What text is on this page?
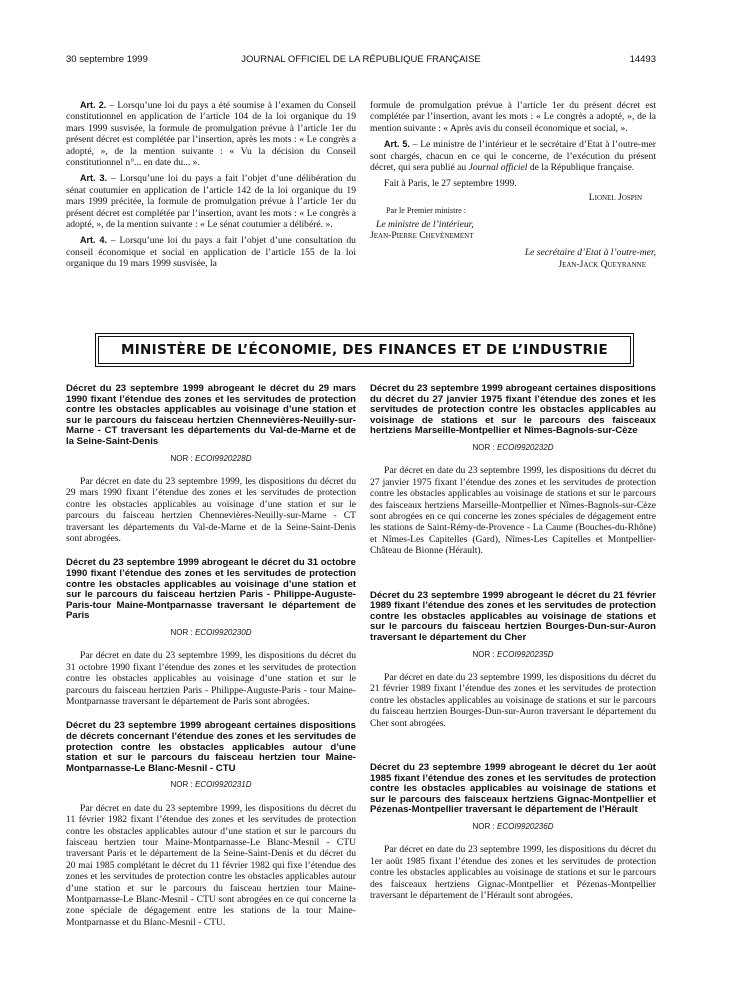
30 septembre 1999	JOURNAL OFFICIEL DE LA RÉPUBLIQUE FRANÇAISE	14493

Art. 2. – Lorsqu’une loi du pays a été soumise à l’examen du Conseil constitutionnel en application de l’article 104 de la loi organique du 19 mars 1999 susvisée, la formule de promulgation prévue à l’article 1er du présent décret est complétée par l’insertion, après les mots : « Le congrès a adopté, », de la mention suivante : « Vu la décision du Conseil constitutionnel n°... en date du... ».

Art. 3. – Lorsqu’une loi du pays a fait l’objet d’une délibération du sénat coutumier en application de l’article 142 de la loi organique du 19 mars 1999 précitée, la formule de promulgation prévue à l’article 1er du présent décret est complétée par l’insertion, avant les mots : « Le congrès a adopté, », de la mention suivante : « Le sénat coutumier a délibéré. ».

Art. 4. – Lorsqu’une loi du pays a fait l’objet d’une consultation du conseil économique et social en application de l’article 155 de la loi organique du 19 mars 1999 susvisée, la

formule de promulgation prévue à l’article 1er du présent décret est complétée par l’insertion, avant les mots : « Le congrès a adopté, », de la mention suivante : « Après avis du conseil économique et social, ».

Art. 5. – Le ministre de l’intérieur et le secrétaire d’Etat à l’outre-mer sont chargés, chacun en ce qui le concerne, de l’exécution du présent décret, qui sera publié au Journal officiel de la République française.

Fait à Paris, le 27 septembre 1999.

Lionel Jospin
Par le Premier ministre :
Le ministre de l’intérieur,
Jean-Pierre Chevènement
Le secrétaire d’Etat à l’outre-mer,
Jean-Jack Queyranne
MINISTÈRE DE L’ÉCONOMIE, DES FINANCES ET DE L’INDUSTRIE

Décret du 23 septembre 1999 abrogeant le décret du 29 mars 1990 fixant l’étendue des zones et les servitudes de protection contre les obstacles applicables au voisinage d’une station et sur le parcours du faisceau hertzien Chennevières-Neuilly-sur-Marne - CT traversant les départements du Val-de-Marne et de la Seine-Saint-Denis

NOR : ECOI9920228D

Par décret en date du 23 septembre 1999, les dispositions du décret du 29 mars 1990 fixant l’étendue des zones et les servitudes de protection contre les obstacles applicables au voisinage d’une station et sur le parcours du faisceau hertzien Chennevières-Neuilly-sur-Marne - CT traversant les départements du Val-de-Marne et de la Seine-Saint-Denis sont abrogées.

Décret du 23 septembre 1999 abrogeant le décret du 31 octobre 1990 fixant l’étendue des zones et les servitudes de protection contre les obstacles applicables au voisinage d’une station et sur le parcours du faisceau hertzien Paris - Philippe-Auguste-Paris-tour Maine-Montparnasse traversant le département de Paris

NOR : ECOI9920230D

Par décret en date du 23 septembre 1999, les dispositions du décret du 31 octobre 1990 fixant l’étendue des zones et les servitudes de protection contre les obstacles applicables au voisinage d’une station et sur le parcours du faisceau hertzien Paris - Philippe-Auguste-Paris - tour Maine-Montparnasse traversant le département de Paris sont abrogées.

Décret du 23 septembre 1999 abrogeant certaines dispositions de décrets concernant l’étendue des zones et les servitudes de protection contre les obstacles applicables autour d’une station et sur le parcours du faisceau hertzien tour Maine-Montparnasse-Le Blanc-Mesnil - CTU

NOR : ECOI9920231D

Par décret en date du 23 septembre 1999, les dispositions du décret du 11 février 1982 fixant l’étendue des zones et les servitudes de protection contre les obstacles applicables autour d’une station et sur le parcours du faisceau hertzien tour Maine-Montparnasse-Le Blanc-Mesnil - CTU traversant Paris et le département de la Seine-Saint-Denis et du décret du 20 mai 1985 complétant le décret du 11 février 1982 qui fixe l’étendue des zones et les servitudes de protection contre les obstacles applicables autour d’une station et sur le parcours du faisceau hertzien tour Maine-Montparnasse-Le Blanc-Mesnil - CTU sont abrogées en ce qui concerne la zone spéciale de dégagement entre les stations de la tour Maine-Montparnasse et du Blanc-Mesnil - CTU.

Décret du 23 septembre 1999 abrogeant certaines dispositions du décret du 27 janvier 1975 fixant l’étendue des zones et les servitudes de protection contre les obstacles applicables au voisinage de stations et sur le parcours des faisceaux hertziens Marseille-Montpellier et Nîmes-Bagnols-sur-Cèze

NOR : ECOI9920232D

Par décret en date du 23 septembre 1999, les dispositions du décret du 27 janvier 1975 fixant l’étendue des zones et les servitudes de protection contre les obstacles applicables au voisinage de stations et sur le parcours des faisceaux hertziens Marseille-Montpellier et Nîmes-Bagnols-sur-Cèze sont abrogées en ce qui concerne les zones spéciales de dégagement entre les stations de Saint-Rémy-de-Provence - La Caume (Bouches-du-Rhône) et Nîmes-Les Capitelles (Gard), Nîmes-Les Capitelles et Montpellier-Château de Bionne (Hérault).

Décret du 23 septembre 1999 abrogeant le décret du 21 février 1989 fixant l’étendue des zones et les servitudes de protection contre les obstacles applicables au voisinage de stations et sur le parcours du faisceau hertzien Bourges-Dun-sur-Auron traversant le département du Cher

NOR : ECOI9920235D

Par décret en date du 23 septembre 1999, les dispositions du décret du 21 février 1989 fixant l’étendue des zones et les servitudes de protection contre les obstacles applicables au voisinage de stations et sur le parcours du faisceau hertzien Bourges-Dun-sur-Auron traversant le département du Cher sont abrogées.

Décret du 23 septembre 1999 abrogeant le décret du 1er août 1985 fixant l’étendue des zones et les servitudes de protection contre les obstacles applicables au voisinage de stations et sur le parcours des faisceaux hertziens Gignac-Montpellier et Pézenas-Montpellier traversant le département de l’Hérault

NOR : ECOI9920236D

Par décret en date du 23 septembre 1999, les dispositions du décret du 1er août 1985 fixant l’étendue des zones et les servitudes de protection contre les obstacles applicables au voisinage de stations et sur le parcours des faisceaux hertziens Gignac-Montpellier et Pézenas-Montpellier traversant le département de l’Hérault sont abrogées.
